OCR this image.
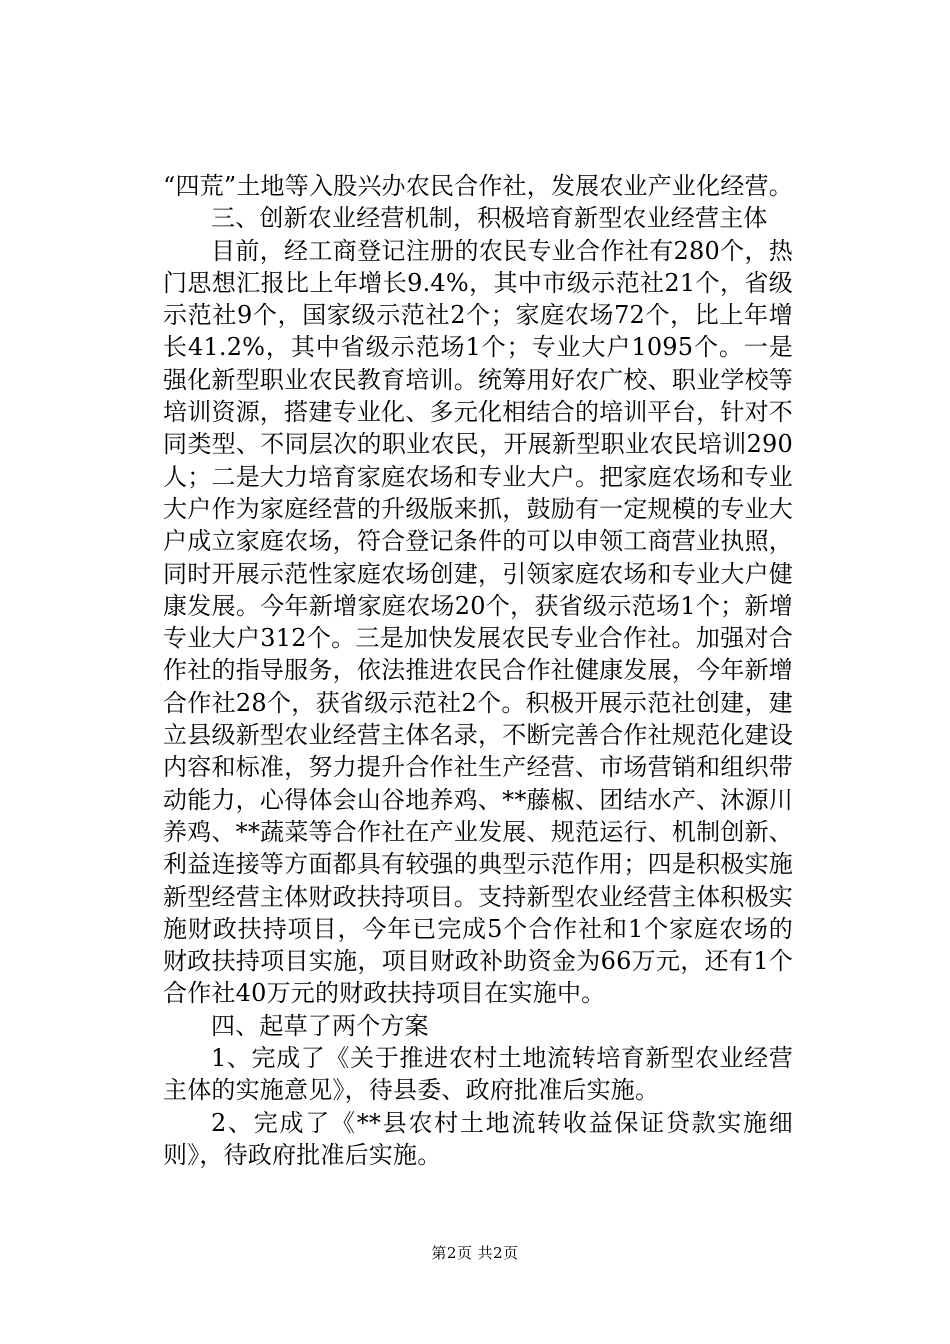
“四荒”土地等入股兴办农民合作社，发展农业产业化经营。

三、创新农业经营机制，积极培育新型农业经营主体

目前，经工商登记注册的农民专业合作社有280个，热门思想汇报比上年增长9.4%，其中市级示范社21个，省级示范社9个，国家级示范社2个；家庭农场72个，比上年增长41.2%，其中省级示范场1个；专业大户1095个。一是强化新型职业农民教育培训。统筹用好农广校、职业学校等培训资源，搭建专业化、多元化相结合的培训平台，针对不同类型、不同层次的职业农民，开展新型职业农民培训290人；二是大力培育家庭农场和专业大户。把家庭农场和专业大户作为家庭经营的升级版来抓，鼓励有一定规模的专业大户成立家庭农场，符合登记条件的可以申领工商营业执照，同时开展示范性家庭农场创建，引领家庭农场和专业大户健康发展。今年新增家庭农场20个，获省级示范场1个；新增专业大户312个。三是加快发展农民专业合作社。加强对合作社的指导服务，依法推进农民合作社健康发展，今年新增合作社28个，获省级示范社2个。积极开展示范社创建，建立县级新型农业经营主体名录，不断完善合作社规范化建设内容和标准，努力提升合作社生产经营、市场营销和组织带动能力，心得体会山谷地养鸡、**藤椒、团结水产、沐源川养鸡、**蔬菜等合作社在产业发展、规范运行、机制创新、利益连接等方面都具有较强的典型示范作用；四是积极实施新型经营主体财政扶持项目。支持新型农业经营主体积极实施财政扶持项目，今年已完成5个合作社和1个家庭农场的财政扶持项目实施，项目财政补助资金为66万元，还有1个合作社40万元的财政扶持项目在实施中。

四、起草了两个方案

1、完成了《关于推进农村土地流转培育新型农业经营主体的实施意见》，待县委、政府批准后实施。

2、完成了《**县农村土地流转收益保证贷款实施细则》，待政府批准后实施。

第2页 共2页
